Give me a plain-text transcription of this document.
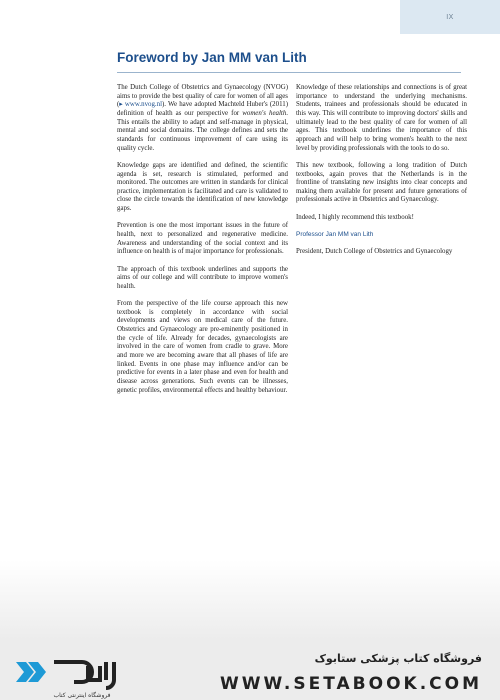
IX
Foreword by Jan MM van Lith

The Dutch College of Obstetrics and Gynaecology (NVOG) aims to provide the best quality of care for women of all ages (▸ www.nvog.nl). We have adopted Machteld Huber's (2011) definition of health as our perspective for women's health. This entails the ability to adapt and self-manage in physical, mental and social domains. The college defines and sets the standards for continuous improvement of care using its quality cycle.

Knowledge gaps are identified and defined, the scientific agenda is set, research is stimulated, performed and monitored. The outcomes are written in standards for clinical practice, implementation is facilitated and care is validated to close the circle towards the identification of new knowledge gaps.

Prevention is one the most important issues in the future of health, next to personalized and regenerative medicine. Awareness and understanding of the social context and its influence on health is of major importance for professionals.

The approach of this textbook underlines and supports the aims of our college and will contribute to improve women's health.

From the perspective of the life course approach this new textbook is completely in accordance with social developments and views on medical care of the future. Obstetrics and Gynaecology are pre-eminently positioned in the cycle of life. Already for decades, gynaecologists are involved in the care of women from cradle to grave. More and more we are becoming aware that all phases of life are linked. Events in one phase may influence and/or can be predictive for events in a later phase and even for health and disease across generations. Such events can be illnesses, genetic profiles, environmental effects and healthy behaviour.

Knowledge of these relationships and connections is of great importance to understand the underlying mechanisms. Students, trainees and professionals should be educated in this way. This will contribute to improving doctors' skills and ultimately lead to the best quality of care for women of all ages. This textbook underlines the importance of this approach and will help to bring women's health to the next level by providing professionals with the tools to do so.

This new textbook, following a long tradition of Dutch textbooks, again proves that the Netherlands is in the frontline of translating new insights into clear concepts and making them available for present and future generations of professionals active in Obstetrics and Gynaecology.

Indeed, I highly recommend this textbook!

Professor Jan MM van Lith

President, Dutch College of Obstetrics and Gynaecology

فروشگاه اینترنتی کتاب
فروشگاه کتاب پزشکی ستابوک
WWW.SETABOOK.COM
